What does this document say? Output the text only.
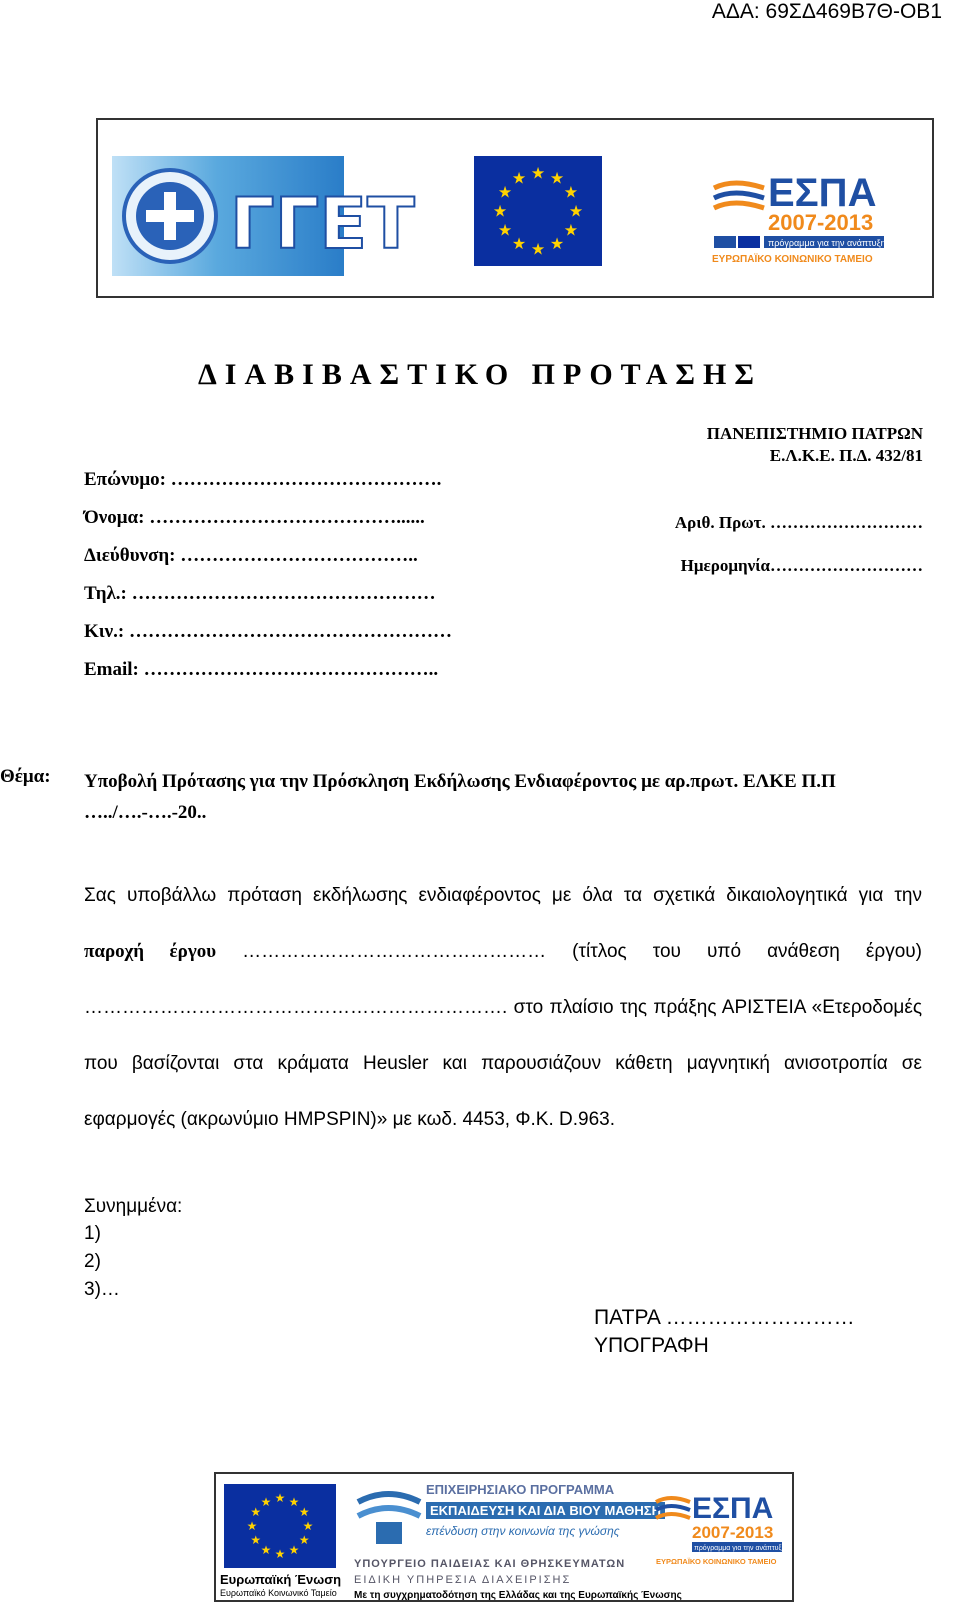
ΑΔΑ: 69ΣΔ469Β7Θ-ΟΒ1
ΓΓΕΤ
★ ★
★
★
★
★
★
★
★
★
★
★	ΕΣΠΑ
2007-2013
πρόγραμμα για την ανάπτυξη
ΕΥΡΩΠΑΪΚΟ ΚΟΙΝΩΝΙΚΟ ΤΑΜΕΙΟ
ΔΙΑΒΙΒΑΣΤΙΚΟ ΠΡΟΤΑΣΗΣ
ΠΑΝΕΠΙΣΤΗΜΙΟ ΠΑΤΡΩΝ
Ε.Λ.Κ.Ε. Π.Δ. 432/81
Αριθ. Πρωτ. ………………………
Ημερομηνία………………………
Επώνυμο: …………………………………….
Όνομα: …………………………………......
Διεύθυνση: ………………………………..
Τηλ.: …………………………………………
Κιν.: ……………………………………………
Email: ………………………………………..
Θέμα: Υποβολή Πρότασης για την Πρόσκληση Εκδήλωσης Ενδιαφέροντος με αρ.πρωτ. ΕΛΚΕ Π.Π …../….-….-20..
Σας υποβάλλω πρόταση εκδήλωσης ενδιαφέροντος με όλα τα σχετικά δικαιολογητικά για την παροχή έργου ………………………………………… (τίτλος του υπό ανάθεση έργου) …………………………………………………………. στο πλαίσιο της πράξης ΑΡΙΣΤΕΙΑ «Ετεροδομές που βασίζονται στα κράματα Heusler και παρουσιάζουν κάθετη μαγνητική ανισοτροπία σε εφαρμογές (ακρωνύμιο HMPSPIN)» με κωδ. 4453, Φ.Κ. D.963.
Συνημμένα:
1)
2)
3)…
ΠΑΤΡΑ ………………………
ΥΠΟΓΡΑΦΗ
★ ★
★
★
★
★
★
★
★
★
★
★
Ευρωπαϊκή Ένωση
Ευρωπαϊκό Κοινωνικό Ταμείο
ΕΠΙΧΕΙΡΗΣΙΑΚΟ ΠΡΟΓΡΑΜΜΑ
ΕΚΠΑΙΔΕΥΣΗ ΚΑΙ ΔΙΑ ΒΙΟΥ ΜΑΘΗΣΗ
επένδυση στην κοινωνία της γνώσης
ΥΠΟΥΡΓΕΙΟ ΠΑΙΔΕΙΑΣ ΚΑΙ ΘΡΗΣΚΕΥΜΑΤΩΝ
ΕΙΔΙΚΗ ΥΠΗΡΕΣΙΑ ΔΙΑΧΕΙΡΙΣΗΣ
Με τη συγχρηματοδότηση της Ελλάδας και της Ευρωπαϊκής Ένωσης
ΕΣΠΑ
2007-2013
πρόγραμμα για την ανάπτυξη
ΕΥΡΩΠΑΪΚΟ ΚΟΙΝΩΝΙΚΟ ΤΑΜΕΙΟ
